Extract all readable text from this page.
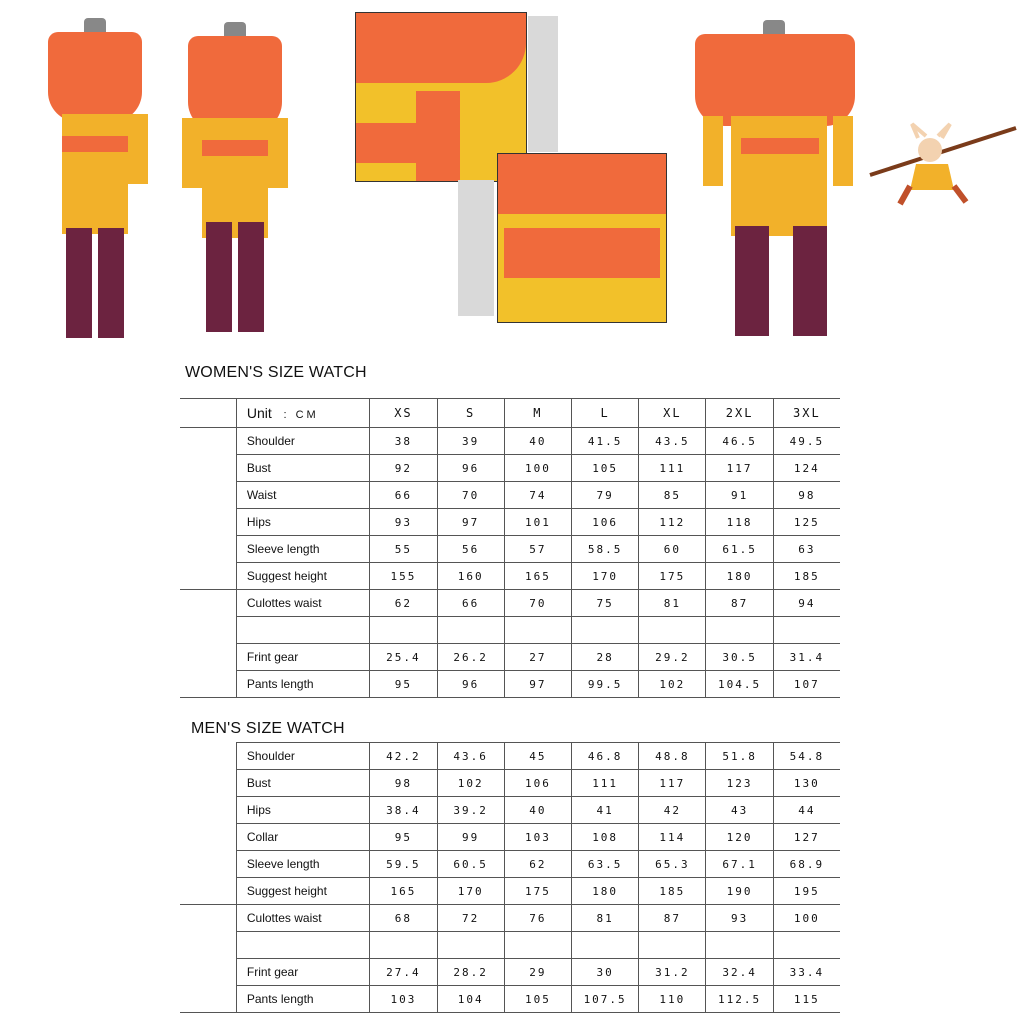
WOMEN'S SIZE WATCH
	Unit : CM	XS	S	M	L	XL	2XL	3XL
	Shoulder	38	39	40	41.5	43.5	46.5	49.5
	Bust	92	96	100	105	111	117	124
	Waist	66	70	74	79	85	91	98
	Hips	93	97	101	106	112	118	125
	Sleeve length	55	56	57	58.5	60	61.5	63
	Suggest height	155	160	165	170	175	180	185
	Culottes waist	62	66	70	75	81	87	94

	Frint gear	25.4	26.2	27	28	29.2	30.5	31.4
	Pants length	95	96	97	99.5	102	104.5	107
MEN'S SIZE WATCH
	Shoulder	42.2	43.6	45	46.8	48.8	51.8	54.8
	Bust	98	102	106	111	117	123	130
	Hips	38.4	39.2	40	41	42	43	44
	Collar	95	99	103	108	114	120	127
	Sleeve length	59.5	60.5	62	63.5	65.3	67.1	68.9
	Suggest height	165	170	175	180	185	190	195
	Culottes waist	68	72	76	81	87	93	100

	Frint gear	27.4	28.2	29	30	31.2	32.4	33.4
	Pants length	103	104	105	107.5	110	112.5	115
